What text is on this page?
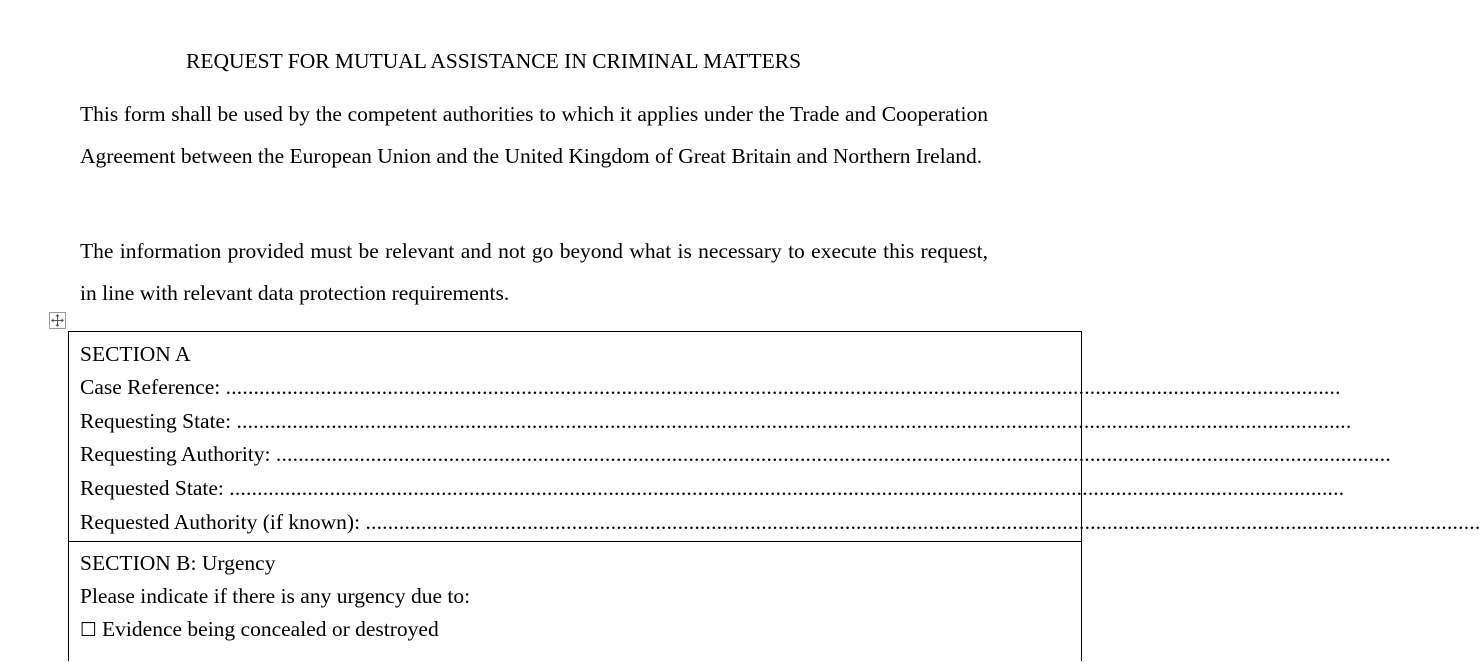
REQUEST FOR MUTUAL ASSISTANCE IN CRIMINAL MATTERS
This form shall be used by the competent authorities to which it applies under the Trade and Cooperation Agreement between the European Union and the United Kingdom of Great Britain and Northern Ireland.
The information provided must be relevant and not go beyond what is necessary to execute this request, in line with relevant data protection requirements.
SECTION A
Case Reference: ........................................................................................................................................................................................................
Requesting State: ........................................................................................................................................................................................................
Requesting Authority: ........................................................................................................................................................................................................
Requested State: ........................................................................................................................................................................................................
Requested Authority (if known): ........................................................................................................................................................................................................
SECTION B: Urgency
Please indicate if there is any urgency due to:
☐ Evidence being concealed or destroyed
